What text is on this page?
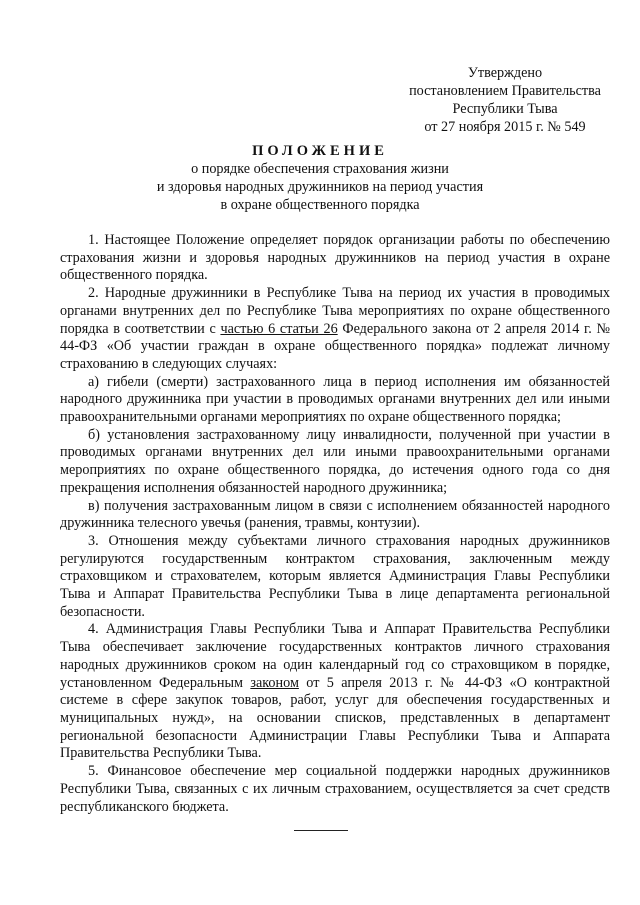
Утверждено
постановлением Правительства
Республики Тыва
от 27 ноября 2015 г. № 549
ПОЛОЖЕНИЕ
о порядке обеспечения страхования жизни
и здоровья народных дружинников на период участия
в охране общественного порядка

1. Настоящее Положение определяет порядок организации работы по обеспечению страхования жизни и здоровья народных дружинников на период участия в охране общественного порядка.

2. Народные дружинники в Республике Тыва на период их участия в проводимых органами внутренних дел по Республике Тыва мероприятиях по охране общественного порядка в соответствии с частью 6 статьи 26 Федерального закона от 2 апреля 2014 г. № 44-ФЗ «Об участии граждан в охране общественного порядка» подлежат личному страхованию в следующих случаях:

а) гибели (смерти) застрахованного лица в период исполнения им обязанностей народного дружинника при участии в проводимых органами внутренних дел или иными правоохранительными органами мероприятиях по охране общественного порядка;

б) установления застрахованному лицу инвалидности, полученной при участии в проводимых органами внутренних дел или иными правоохранительными органами мероприятиях по охране общественного порядка, до истечения одного года со дня прекращения исполнения обязанностей народного дружинника;

в) получения застрахованным лицом в связи с исполнением обязанностей народного дружинника телесного увечья (ранения, травмы, контузии).

3. Отношения между субъектами личного страхования народных дружинников регулируются государственным контрактом страхования, заключенным между страховщиком и страхователем, которым является Администрация Главы Республики Тыва и Аппарат Правительства Республики Тыва в лице департамента региональной безопасности.

4. Администрация Главы Республики Тыва и Аппарат Правительства Республики Тыва обеспечивает заключение государственных контрактов личного страхования народных дружинников сроком на один календарный год со страховщиком в порядке, установленном Федеральным законом от 5 апреля 2013 г. № 44-ФЗ «О контрактной системе в сфере закупок товаров, работ, услуг для обеспечения государственных и муниципальных нужд», на основании списков, представленных в департамент региональной безопасности Администрации Главы Республики Тыва и Аппарата Правительства Республики Тыва.

5. Финансовое обеспечение мер социальной поддержки народных дружинников Республики Тыва, связанных с их личным страхованием, осуществляется за счет средств республиканского бюджета.
